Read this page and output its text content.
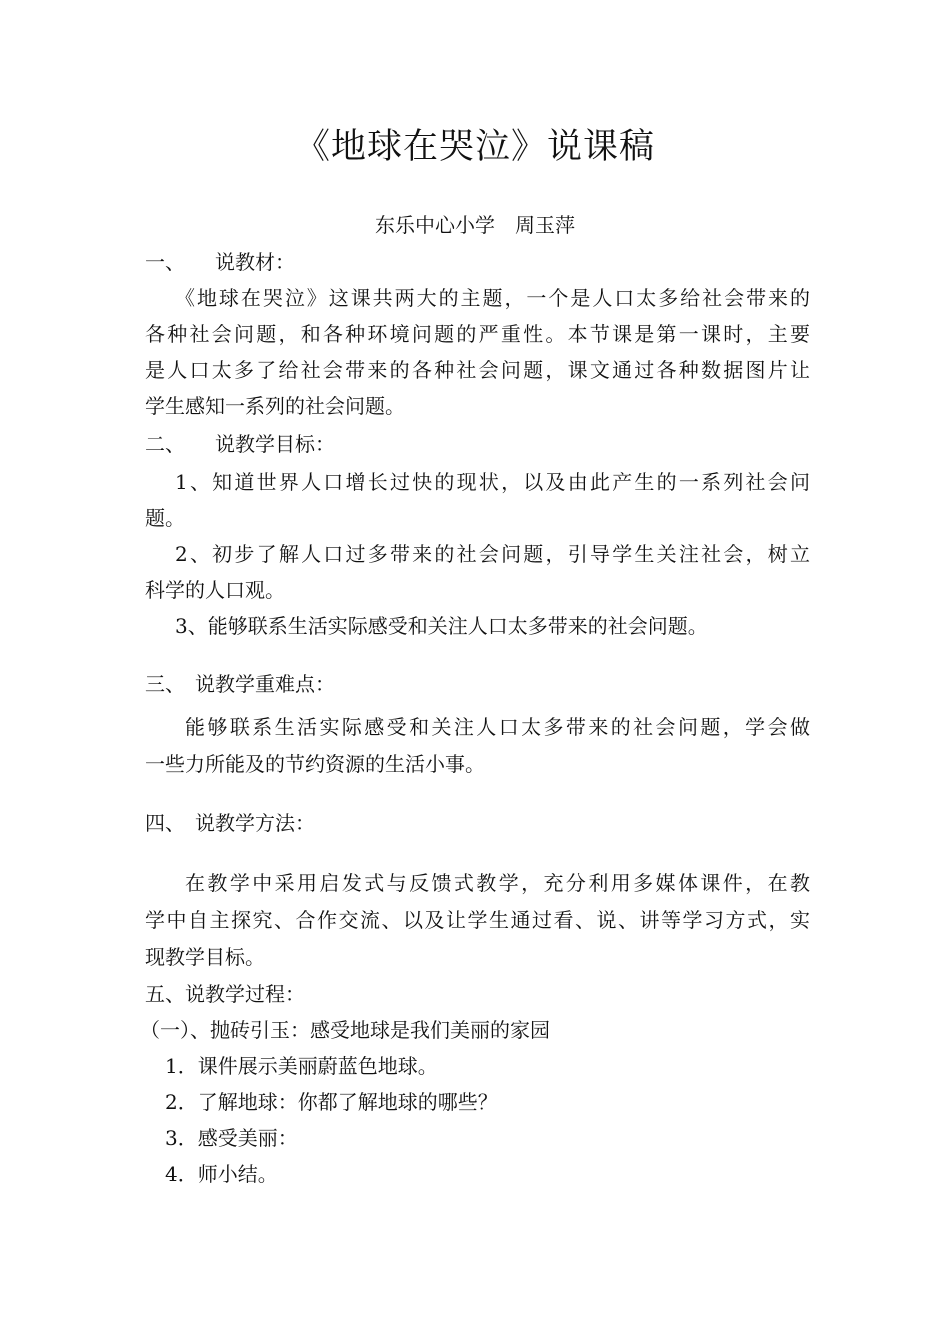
《地球在哭泣》说课稿
东乐中心小学　周玉萍
一、　　说教材：
《地球在哭泣》这课共两大的主题，一个是人口太多给社会带来的
各种社会问题，和各种环境问题的严重性。本节课是第一课时，主要
是人口太多了给社会带来的各种社会问题，课文通过各种数据图片让
学生感知一系列的社会问题。
二、　　说教学目标：
1、知道世界人口增长过快的现状，以及由此产生的一系列社会问
题。
2、初步了解人口过多带来的社会问题，引导学生关注社会，树立
科学的人口观。
3、能够联系生活实际感受和关注人口太多带来的社会问题。
三、　说教学重难点：
能够联系生活实际感受和关注人口太多带来的社会问题，学会做
一些力所能及的节约资源的生活小事。
四、　说教学方法：
在教学中采用启发式与反馈式教学，充分利用多媒体课件，在教
学中自主探究、合作交流、以及让学生通过看、说、讲等学习方式，实
现教学目标。
五、说教学过程：
（一）、抛砖引玉：感受地球是我们美丽的家园
1．课件展示美丽蔚蓝色地球。
2．了解地球：你都了解地球的哪些？
3．感受美丽：
4．师小结。
